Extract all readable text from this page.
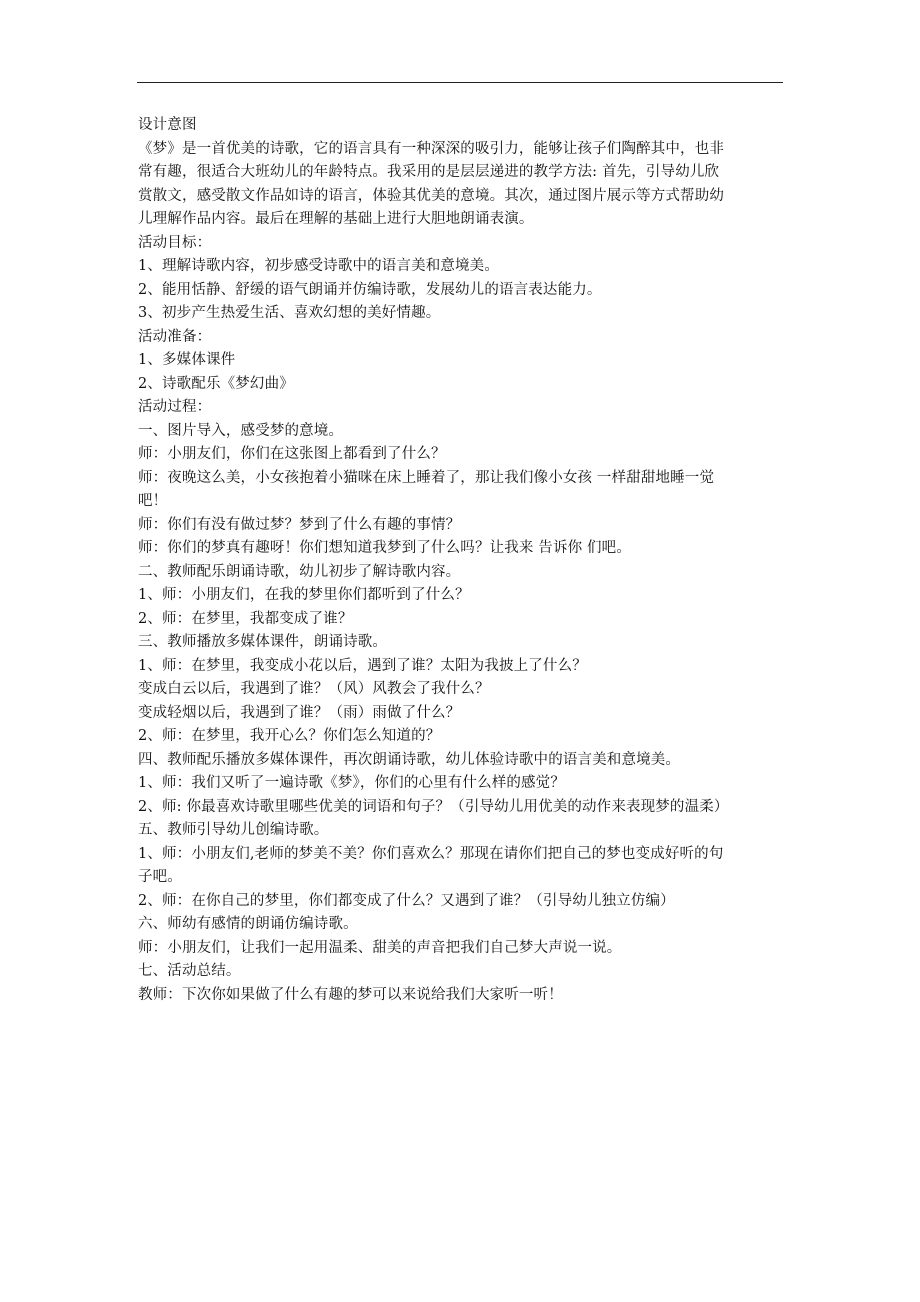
设计意图
《梦》是一首优美的诗歌，它的语言具有一种深深的吸引力，能够让孩子们陶醉其中，也非
常有趣，很适合大班幼儿的年龄特点。我采用的是层层递进的教学方法: 首先，引导幼儿欣
赏散文，感受散文作品如诗的语言，体验其优美的意境。其次，通过图片展示等方式帮助幼
儿理解作品内容。最后在理解的基础上进行大胆地朗诵表演。
活动目标：
1、理解诗歌内容，初步感受诗歌中的语言美和意境美。
2、能用恬静、舒缓的语气朗诵并仿编诗歌，发展幼儿的语言表达能力。
3、初步产生热爱生活、喜欢幻想的美好情趣。
活动准备：
1、多媒体课件
2、诗歌配乐《梦幻曲》
活动过程：
一、图片导入，感受梦的意境。
师：小朋友们，你们在这张图上都看到了什么？
师：夜晚这么美，小女孩抱着小猫咪在床上睡着了，那让我们像小女孩 一样甜甜地睡一觉
吧！
师：你们有没有做过梦？梦到了什么有趣的事情？
师：你们的梦真有趣呀！你们想知道我梦到了什么吗？让我来 告诉你 们吧。
二、教师配乐朗诵诗歌，幼儿初步了解诗歌内容。
1、师：小朋友们，在我的梦里你们都听到了什么？
2、师：在梦里，我都变成了谁？
三、教师播放多媒体课件，朗诵诗歌。
1、师：在梦里，我变成小花以后，遇到了谁？太阳为我披上了什么？
变成白云以后，我遇到了谁？（风）风教会了我什么？
变成轻烟以后，我遇到了谁？（雨）雨做了什么？
2、师：在梦里，我开心么？你们怎么知道的？
四、教师配乐播放多媒体课件，再次朗诵诗歌，幼儿体验诗歌中的语言美和意境美。
1、师：我们又听了一遍诗歌《梦》，你们的心里有什么样的感觉？
2、师: 你最喜欢诗歌里哪些优美的词语和句子？（引导幼儿用优美的动作来表现梦的温柔）
五、教师引导幼儿创编诗歌。
1、师：小朋友们,老师的梦美不美？你们喜欢么？那现在请你们把自己的梦也变成好听的句
子吧。
2、师：在你自己的梦里，你们都变成了什么？又遇到了谁？（引导幼儿独立仿编）
六、师幼有感情的朗诵仿编诗歌。
师：小朋友们，让我们一起用温柔、甜美的声音把我们自己梦大声说一说。
七、活动总结。
教师：下次你如果做了什么有趣的梦可以来说给我们大家听一听！
